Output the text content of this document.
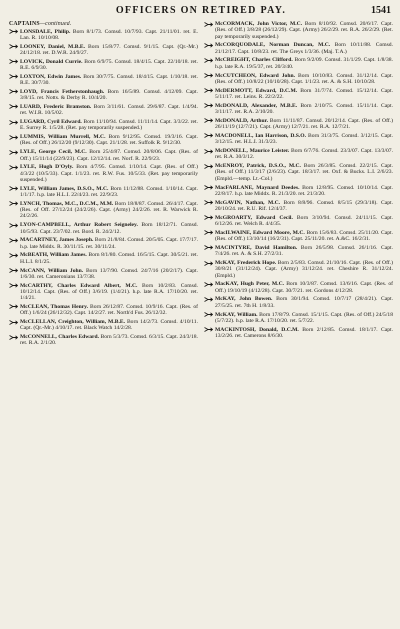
OFFICERS ON RETIRED PAY.	1541
CAPTAINS—continued.
LONSDALE, Philip. Born 8/1/73. Comsd. 10/7/93. Capt. 21/11/01. ret. E. Lan. R. 10/10/08.
LOONEY, Daniel, M.B.E. Born 15/8/77. Comsd. 9/1/15. Capt. (Qr.-Mr.) 24/12/18. ret. D.W.R. 24/9/27.
LOVICK, Donald Currie. Born 6/9/75. Comsd. 18/4/15. Capt. 22/10/18. ret. R.E. 6/9/30.
LOXTON, Edwin James. Born 30/7/75. Comsd. 18/4/15. Capt. 1/10/18. ret. R.E. 30/7/30.
LOYD, Francis Fetherstonhaugh. Born 16/5/89. Comsd. 4/12/09. Capt. 3/8/15. ret. Notts. & Derby R. 10/4/20.
LUARD, Frederic Bramston. Born 3/11/61. Comsd. 29/6/87. Capt. 1/4/94. ret. W.I.R. 10/5/02.
LUGARD, Cyril Edward. Born 11/10/94. Comsd. 11/11/14. Capt. 3/3/22. ret. E. Surrey R. 1/5/28. (Ret. pay temporarily suspended.)
LUMMIS, William Murrell, M.C. Born 9/12/95. Comsd. 19/3/16. Capt. (Res. of Off.) 26/12/20 (9/12/30). Capt. 21/1/28. ret. Suffolk R. 9/12/30.
LYLE, George Cecil, M.C. Born 25/4/87. Comsd. 20/8/06. Capt. (Res. of Off.) 15/11/14 (22/9/23). Capt. 12/12/14. ret. Norf. R. 22/9/23.
LYLE, Hugh D'Oyly. Born 4/7/95. Comsd. 1/10/14. Capt. (Res. of Off.) 4/3/22 (10/5/33). Capt. 1/1/23. ret. R.W. Fus. 10/5/33. (Ret. pay temporarily suspended.)
LYLE, William James, D.S.O., M.C. Born 11/12/88. Comsd. 1/10/14. Capt. 1/1/17. h.p. late H.L.I. 22/4/23. ret. 22/9/23.
LYNCH, Thomas, M.C., D.C.M., M.M. Born 18/8/87. Comsd. 26/4/17. Capt. (Res. of Off. 27/12/24 (24/2/26). Capt. (Army) 24/2/26. ret. R. Warwick R. 24/2/26.
LYON-CAMPBELL, Arthur Robert Seigneley. Born 18/12/71. Comsd. 10/5/93. Capt. 23/7/02. ret. Bord. R. 24/2/12.
MACARTNEY, James Joseph. Born 21/8/84. Comsd. 20/5/05. Capt. 17/7/17. h.p. late Middx. R. 30/11/15. ret. 30/11/24.
McBEATH, William James. Born 8/1/80. Comsd. 16/5/15. Capt. 30/5/21. ret. H.L.I. 8/1/25.
McCANN, William John. Born 13/7/90. Comsd. 24/7/16 (20/2/17). Capt. 1/6/30. ret. Cameronians 13/7/38.
McCARTHY, Charles Edward Albert, M.C. Born 10/2/83. Comsd. 10/12/14. Capt. (Res. of Off.) 3/6/19. (1/4/21). h.p. late R.A. 17/10/20. ret. 1/4/21.
McCLEAN, Thomas Henry. Born 26/12/87. Comsd. 10/9/16. Capt. (Res. of Off.) 1/6/24 (26/12/32). Capt. 14/2/27. ret. North'd Fus. 26/12/32.
McCLELLAN, Creighton, William, M.B.E. Born 14/2/73. Comsd. 4/10/11. Capt. (Qr.-Mr.) 4/10/17. ret. Black Watch 14/2/28.
McCONNELL, Charles Edward. Born 5/3/73. Comsd. 6/3/15. Capt. 24/3/18. ret. R.A. 2/1/20.
McCORMACK, John Victor, M.C. Born 8/10/92. Comsd. 20/6/17. Capt. (Res. of Off.) 3/8/28 (26/12/29). Capt. (Army) 26/2/29. ret. R.A. 26/2/29. (Ret. pay temporarily suspended.)
McCORQUODALE, Norman Duncan, M.C. Born 10/11/88. Comsd. 21/12/17. Capt. 10/8/23. ret. The Greys 1/3/36. (Maj. T.A.)
McCREIGHT, Charles Clifford. Born 9/2/09. Comsd. 31/1/29. Capt. 1/8/38. h.p. late R.A. 19/5/37, ret. 20/3/40.
McCUTCHEON, Edward John. Born 10/10/83. Comsd. 31/12/14. Capt. (Res. of Off.) 10/8/22 (10/10/28). Capt. 1/1/23. ret. A. & S.H. 10/10/28.
McDERMOTT, Edward, D.C.M. Born 31/7/74. Comsd. 15/12/14. Capt. 5/11/17. ret. Leins. R. 22/2/22.
McDONALD, Alexander, M.B.E. Born 2/10/75. Comsd. 15/11/14. Capt. 3/11/17. ret. R.A. 2/10/20.
McDONALD, Arthur. Born 11/11/87. Comsd. 20/12/14. Capt. (Res. of Off.) 26/11/19 (12/7/21). Capt. (Army) 12/7/21. ret. R.A. 12/7/21.
MACDONELL, Ian Harrison, D.S.O. Born 31/3/75. Comsd. 3/12/15. Capt. 3/12/15. ret. H.L.I. 31/3/23.
McDONELL, Maurice Leister. Born 6/7/76. Comsd. 23/3/07. Capt. 13/3/07. ret. R.A. 30/3/12.
McENROY, Patrick, D.S.O., M.C. Born 26/3/85. Comsd. 22/2/15. Capt. (Res. of Off.) 11/3/17 (2/6/23). Capt. 18/3/17. ret. Oxf. & Bucks. L.I. 2/6/23. (Empld.—temp. Lt.-Col.)
MacFARLANE, Maynard Deedes. Born 12/8/95. Comsd. 10/10/14. Capt. 22/8/17. h.p. late Middx. R. 21/3/20. ret. 21/3/20.
McGAVIN, Nathan, M.C. Born 8/8/96. Comsd. 8/5/15 (29/3/18). Capt. 20/10/24. ret. R.U. Rif. 12/4/37.
McGROARTY, Edward Cecil. Born 3/10/94. Comsd. 24/11/15. Capt. 6/12/26. ret. Welch R. 4/4/35.
MacILWAINE, Edward Moore, M.C. Born 15/6/83. Comsd. 25/11/20. Capt. (Res. of Off.) 13/10/14 (16/2/31). Capt. 25/11/20. ret. A.&C. 16/2/31.
MACINTYRE, David Hamilton. Born 26/5/98. Comsd. 26/1/16. Capt. 7/4/26. ret. A. & S.H. 27/2/31.
McKAY, Frederick Hope. Born 2/5/83. Comsd. 21/10/16. Capt. (Res. of Off.) 30/8/21 (31/12/24). Capt. (Army) 31/12/24. ret. Cheshire R. 31/12/24. (Empld.)
MacKAY, Hugh Peter, M.C. Born 10/3/87. Comsd. 13/6/16. Capt. (Res. of Off.) 19/10/19 (4/12/28). Capt. 30/7/21. ret. Gordons 4/12/28.
McKAY, John Bowen. Born 30/1/94. Comsd. 10/7/17 (28/4/21). Capt. 27/5/25. ret. 7th H. 1/8/33.
McKAY, William. Born 17/8/79. Comsd. 15/1/15. Capt. (Res. of Off.) 24/5/18 (5/7/22). h.p. late R.A. 17/10/20. ret. 5/7/22.
MACKINTOSH, Donald, D.C.M. Born 2/12/85. Comsd. 18/1/17. Capt. 13/2/26. ret. Camerons 8/6/30.
